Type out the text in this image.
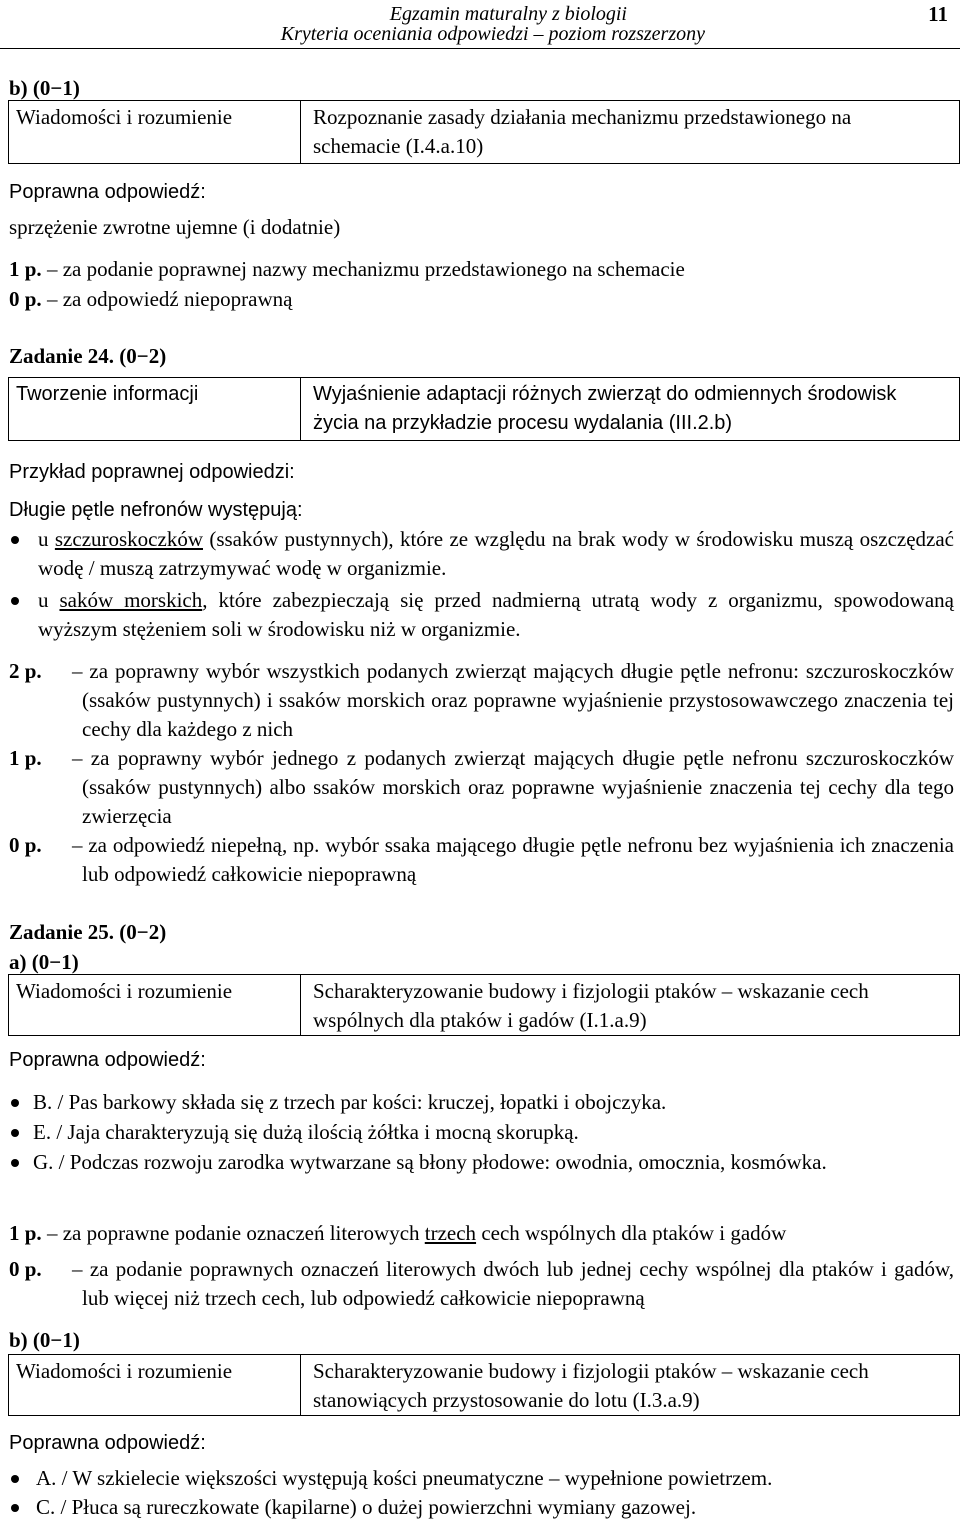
Egzamin maturalny z biologii
Kryteria oceniania odpowiedzi – poziom rozszerzony
11
b) (0−1)
Wiadomości i rozumienie	Rozpoznanie zasady działania mechanizmu przedstawionego na schemacie (I.4.a.10)
Poprawna odpowiedź:
sprzężenie zwrotne ujemne (i dodatnie)
1 p. – za podanie poprawnej nazwy mechanizmu przedstawionego na schemacie
0 p. – za odpowiedź niepoprawną
Zadanie 24. (0−2)
Tworzenie informacji	Wyjaśnienie adaptacji różnych zwierząt do odmiennych środowisk życia na przykładzie procesu wydalania (III.2.b)
Przykład poprawnej odpowiedzi:
Długie pętle nefronów występują:
u szczuroskoczków (ssaków pustynnych), które ze względu na brak wody w środowisku muszą oszczędzać wodę / muszą zatrzymywać wodę w organizmie.
u saków morskich, które zabezpieczają się przed nadmierną utratą wody z organizmu, spowodowaną wyższym stężeniem soli w środowisku niż w organizmie.
2 p. – za poprawny wybór wszystkich podanych zwierząt mających długie pętle nefronu: szczuroskoczków (ssaków pustynnych) i ssaków morskich oraz poprawne wyjaśnienie przystosowawczego znaczenia tej cechy dla każdego z nich
1 p. – za poprawny wybór jednego z podanych zwierząt mających długie pętle nefronu szczuroskoczków (ssaków pustynnych) albo ssaków morskich oraz poprawne wyjaśnienie znaczenia tej cechy dla tego zwierzęcia
0 p. – za odpowiedź niepełną, np. wybór ssaka mającego długie pętle nefronu bez wyjaśnienia ich znaczenia lub odpowiedź całkowicie niepoprawną
Zadanie 25. (0−2)
a) (0−1)
Wiadomości i rozumienie	Scharakteryzowanie budowy i fizjologii ptaków – wskazanie cech wspólnych dla ptaków i gadów (I.1.a.9)
Poprawna odpowiedź:
B. / Pas barkowy składa się z trzech par kości: kruczej, łopatki i obojczyka.
E. / Jaja charakteryzują się dużą ilością żółtka i mocną skorupką.
G. / Podczas rozwoju zarodka wytwarzane są błony płodowe: owodnia, omocznia, kosmówka.
1 p. – za poprawne podanie oznaczeń literowych trzech cech wspólnych dla ptaków i gadów
0 p. – za podanie poprawnych oznaczeń literowych dwóch lub jednej cechy wspólnej dla ptaków i gadów, lub więcej niż trzech cech, lub odpowiedź całkowicie niepoprawną
b) (0−1)
Wiadomości i rozumienie	Scharakteryzowanie budowy i fizjologii ptaków – wskazanie cech stanowiących przystosowanie do lotu (I.3.a.9)
Poprawna odpowiedź:
A. / W szkielecie większości występują kości pneumatyczne – wypełnione powietrzem.
C. / Płuca są rureczkowate (kapilarne) o dużej powierzchni wymiany gazowej.
